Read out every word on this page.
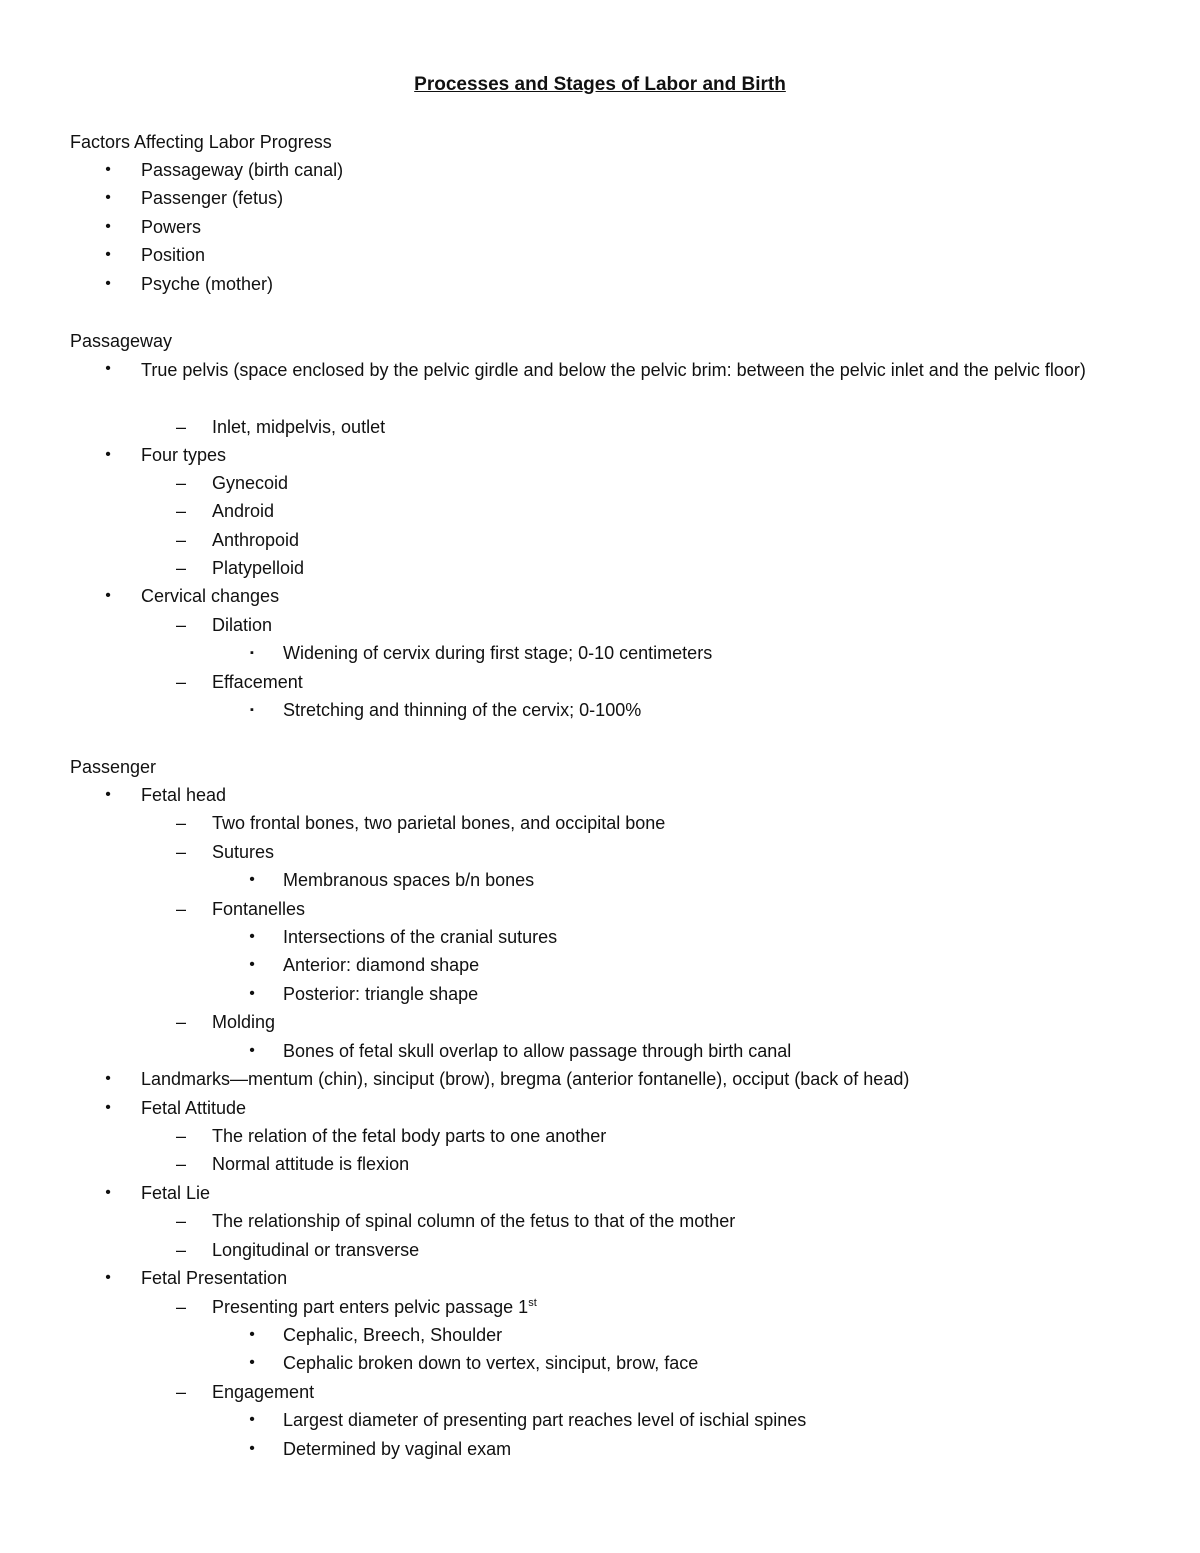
Processes and Stages of Labor and Birth
Factors Affecting Labor Progress
•	Passageway (birth canal)
•	Passenger (fetus)
•	Powers
•	Position
•	Psyche (mother)
Passageway
•	True pelvis (space enclosed by the pelvic girdle and below the pelvic brim: between the pelvic inlet and the pelvic floor)
– Inlet, midpelvis, outlet
•	Four types
– Gynecoid
– Android
– Anthropoid
– Platypelloid
•	Cervical changes
– Dilation
▪	Widening of cervix during first stage; 0-10 centimeters
– Effacement
▪	Stretching and thinning of the cervix; 0-100%
Passenger
•	Fetal head
– Two frontal bones, two parietal bones, and occipital bone
– Sutures
•	Membranous spaces b/n bones
– Fontanelles
•	Intersections of the cranial sutures
•	Anterior: diamond shape
•	Posterior: triangle shape
– Molding
•	Bones of fetal skull overlap to allow passage through birth canal
•	Landmarks—mentum (chin), sinciput (brow), bregma (anterior fontanelle), occiput (back of head)
•	Fetal Attitude
– The relation of the fetal body parts to one another
– Normal attitude is flexion
•	Fetal Lie
– The relationship of spinal column of the fetus to that of the mother
– Longitudinal or transverse
•	Fetal Presentation
– Presenting part enters pelvic passage 1st
•	Cephalic, Breech, Shoulder
•	Cephalic broken down to vertex, sinciput, brow, face
– Engagement
•	Largest diameter of presenting part reaches level of ischial spines
•	Determined by vaginal exam
